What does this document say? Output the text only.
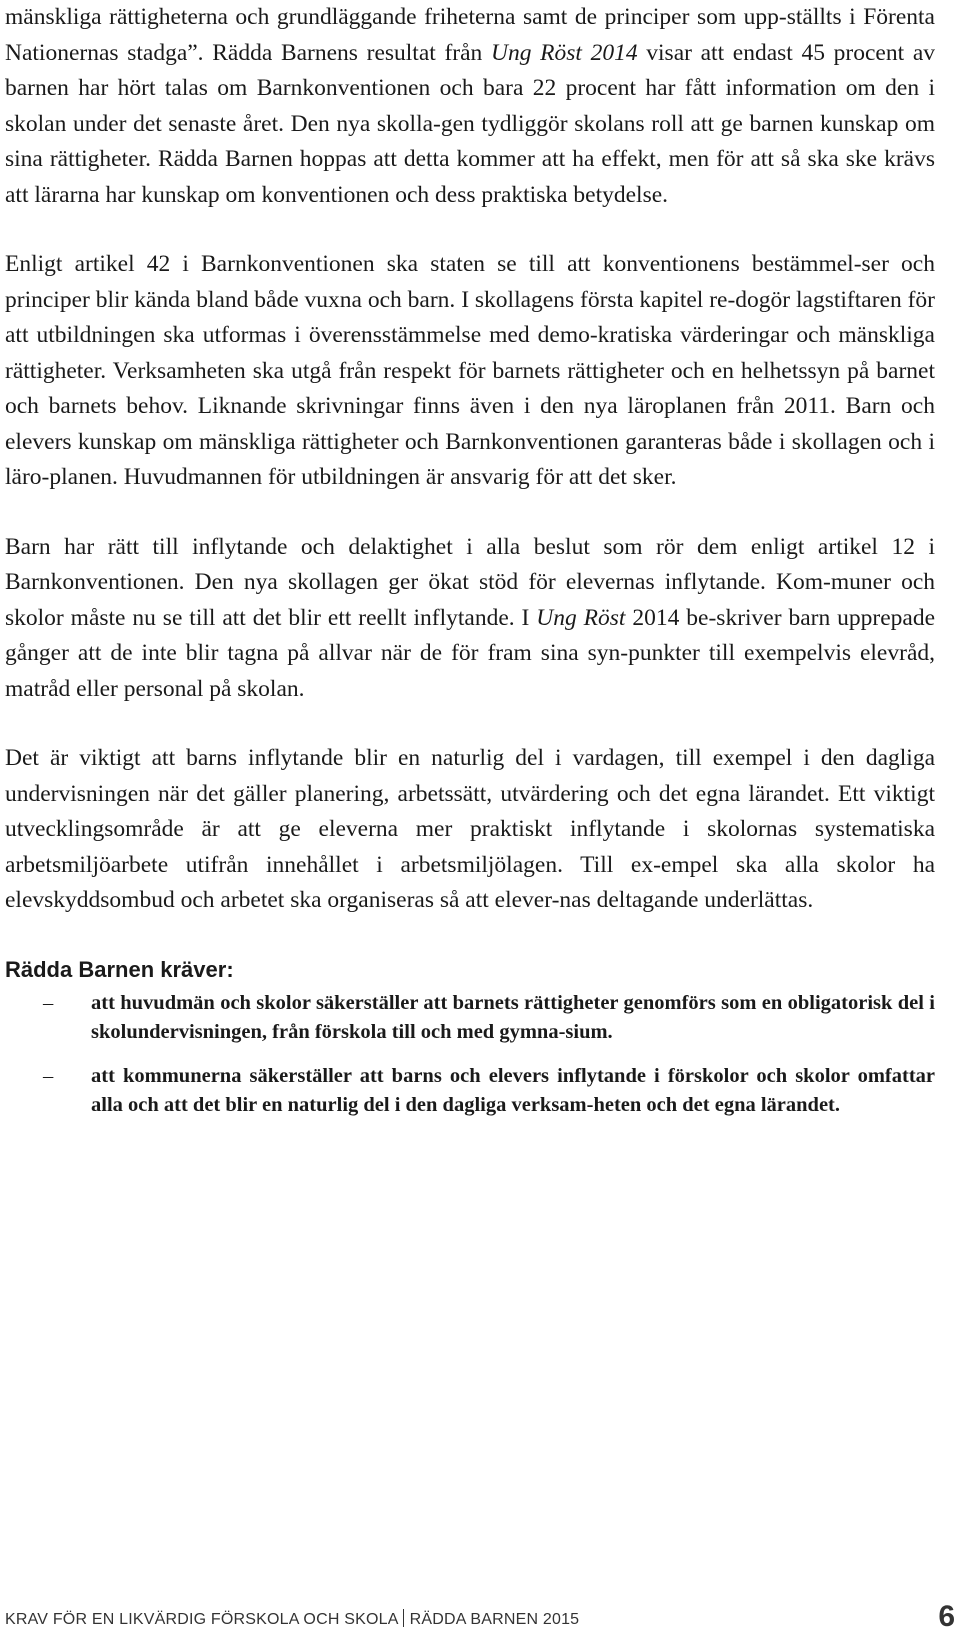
mänskliga rättigheterna och grundläggande friheterna samt de principer som upp-ställts i Förenta Nationernas stadga”. Rädda Barnens resultat från Ung Röst 2014 visar att endast 45 procent av barnen har hört talas om Barnkonventionen och bara 22 procent har fått information om den i skolan under det senaste året. Den nya skolla-gen tydliggör skolans roll att ge barnen kunskap om sina rättigheter. Rädda Barnen hoppas att detta kommer att ha effekt, men för att så ska ske krävs att lärarna har kunskap om konventionen och dess praktiska betydelse.

Enligt artikel 42 i Barnkonventionen ska staten se till att konventionens bestämmel-ser och principer blir kända bland både vuxna och barn. I skollagens första kapitel re-dogör lagstiftaren för att utbildningen ska utformas i överensstämmelse med demo-kratiska värderingar och mänskliga rättigheter. Verksamheten ska utgå från respekt för barnets rättigheter och en helhetssyn på barnet och barnets behov. Liknande skrivningar finns även i den nya läroplanen från 2011. Barn och elevers kunskap om mänskliga rättigheter och Barnkonventionen garanteras både i skollagen och i läro-planen. Huvudmannen för utbildningen är ansvarig för att det sker.

Barn har rätt till inflytande och delaktighet i alla beslut som rör dem enligt artikel 12 i Barnkonventionen. Den nya skollagen ger ökat stöd för elevernas inflytande. Kom-muner och skolor måste nu se till att det blir ett reellt inflytande. I Ung Röst 2014 be-skriver barn upprepade gånger att de inte blir tagna på allvar när de för fram sina syn-punkter till exempelvis elevråd, matråd eller personal på skolan.

Det är viktigt att barns inflytande blir en naturlig del i vardagen, till exempel i den dagliga undervisningen när det gäller planering, arbetssätt, utvärdering och det egna lärandet. Ett viktigt utvecklingsområde är att ge eleverna mer praktiskt inflytande i skolornas systematiska arbetsmiljöarbete utifrån innehållet i arbetsmiljölagen. Till ex-empel ska alla skolor ha elevskyddsombud och arbetet ska organiseras så att elever-nas deltagande underlättas.

Rädda Barnen kräver:
– att huvudmän och skolor säkerställer att barnets rättigheter genomförs som en obligatorisk del i skolundervisningen, från förskola till och med gymna-sium.
– att kommunerna säkerställer att barns och elevers inflytande i förskolor och skolor omfattar alla och att det blir en naturlig del i den dagliga verksam-heten och det egna lärandet.
KRAV FÖR EN LIKVÄRDIG FÖRSKOLA OCH SKOLA RÄDDA BARNEN 2015	6
